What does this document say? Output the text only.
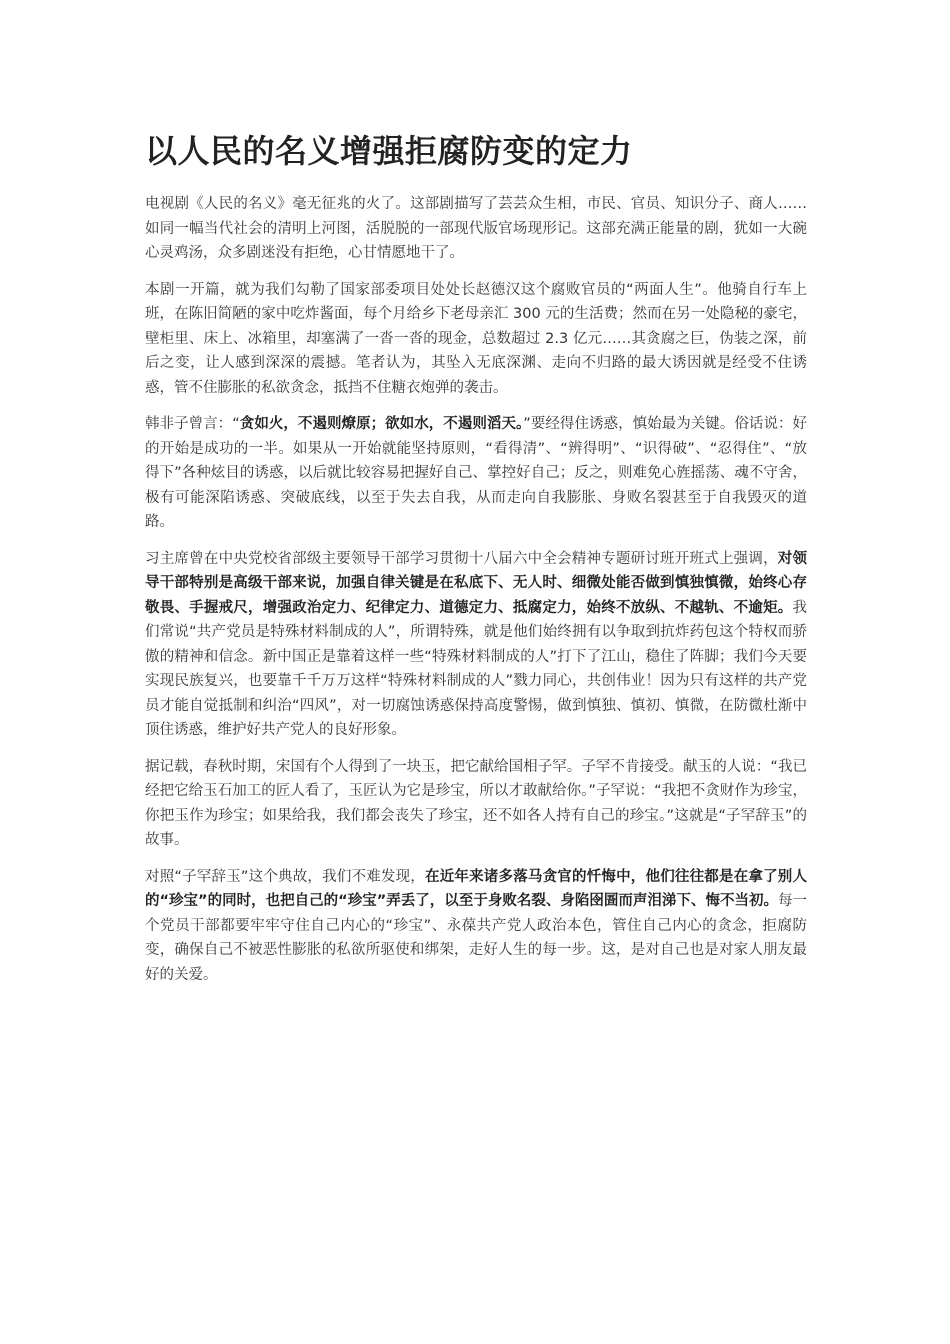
以人民的名义增强拒腐防变的定力

电视剧《人民的名义》毫无征兆的火了。这部剧描写了芸芸众生相，市民、官员、知识分子、商人……如同一幅当代社会的清明上河图，活脱脱的一部现代版官场现形记。这部充满正能量的剧，犹如一大碗心灵鸡汤，众多剧迷没有拒绝，心甘情愿地干了。

本剧一开篇，就为我们勾勒了国家部委项目处处长赵德汉这个腐败官员的“两面人生”。他骑自行车上班，在陈旧简陋的家中吃炸酱面，每个月给乡下老母亲汇 300 元的生活费；然而在另一处隐秘的豪宅，壁柜里、床上、冰箱里，却塞满了一沓一沓的现金，总数超过 2.3 亿元……其贪腐之巨，伪装之深，前后之变，让人感到深深的震撼。笔者认为，其坠入无底深渊、走向不归路的最大诱因就是经受不住诱惑，管不住膨胀的私欲贪念，抵挡不住糖衣炮弹的袭击。

韩非子曾言：“贪如火，不遏则燎原；欲如水，不遏则滔天。”要经得住诱惑，慎始最为关键。俗话说：好的开始是成功的一半。如果从一开始就能坚持原则，“看得清”、“辨得明”、“识得破”、“忍得住”、“放得下”各种炫目的诱惑，以后就比较容易把握好自己、掌控好自己；反之，则难免心旌摇荡、魂不守舍，极有可能深陷诱惑、突破底线，以至于失去自我，从而走向自我膨胀、身败名裂甚至于自我毁灭的道路。

习主席曾在中央党校省部级主要领导干部学习贯彻十八届六中全会精神专题研讨班开班式上强调，对领导干部特别是高级干部来说，加强自律关键是在私底下、无人时、细微处能否做到慎独慎微，始终心存敬畏、手握戒尺，增强政治定力、纪律定力、道德定力、抵腐定力，始终不放纵、不越轨、不逾矩。我们常说“共产党员是特殊材料制成的人”，所谓特殊，就是他们始终拥有以争取到抗炸药包这个特权而骄傲的精神和信念。新中国正是靠着这样一些“特殊材料制成的人”打下了江山，稳住了阵脚；我们今天要实现民族复兴，也要靠千千万万这样“特殊材料制成的人”戮力同心，共创伟业！因为只有这样的共产党员才能自觉抵制和纠治“四风”，对一切腐蚀诱惑保持高度警惕，做到慎独、慎初、慎微，在防微杜渐中顶住诱惑，维护好共产党人的良好形象。

据记载，春秋时期，宋国有个人得到了一块玉，把它献给国相子罕。子罕不肯接受。献玉的人说：“我已经把它给玉石加工的匠人看了，玉匠认为它是珍宝，所以才敢献给你。”子罕说：“我把不贪财作为珍宝，你把玉作为珍宝；如果给我，我们都会丧失了珍宝，还不如各人持有自己的珍宝。”这就是“子罕辞玉”的故事。

对照“子罕辞玉”这个典故，我们不难发现，在近年来诸多落马贪官的忏悔中，他们往往都是在拿了别人的“珍宝”的同时，也把自己的“珍宝”弄丢了，以至于身败名裂、身陷囹圄而声泪涕下、悔不当初。每一个党员干部都要牢牢守住自己内心的“珍宝”、永葆共产党人政治本色，管住自己内心的贪念，拒腐防变，确保自己不被恶性膨胀的私欲所驱使和绑架，走好人生的每一步。这，是对自己也是对家人朋友最好的关爱。
